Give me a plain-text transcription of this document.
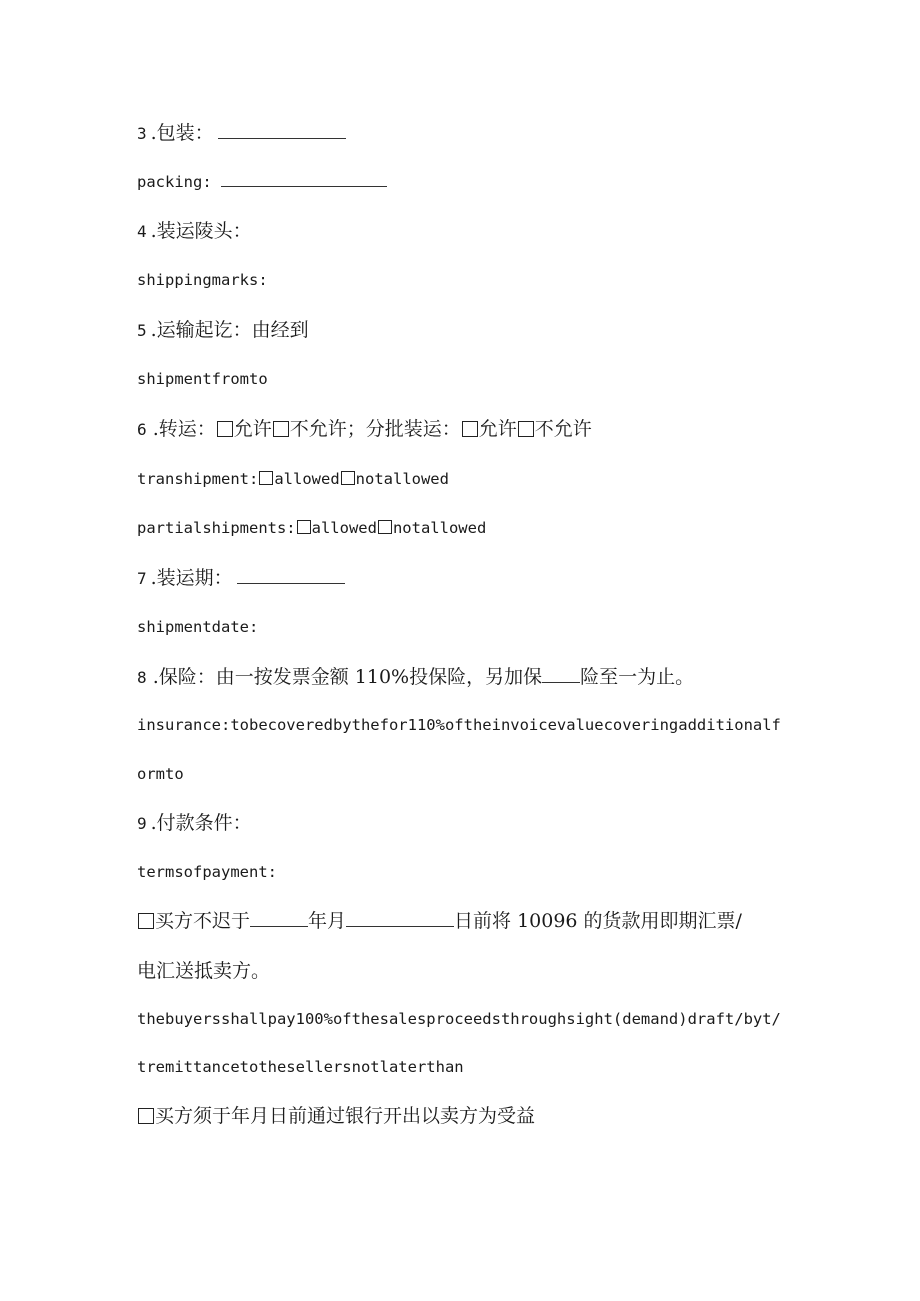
3 .包装：
packing:
4 .装运陵头：
shippingmarks:
5 .运输起讫：由经到
shipmentfromto
6 .转运： 允许 不允许；分批装运： 允许 不允许
transhipment: allowed notallowed
partialshipments: allowed notallowed
7 .装运期：
shipmentdate:
8 .保险：由一按发票金额 110%投保险，另加保 险至一为止。
insurance:tobecoveredbythefor110%oftheinvoicevaluecoveringadditionalf
ormto
9 .付款条件：
termsofpayment:
买方不迟于	年月	日前将 10096 的货款用即期汇票/
电汇送抵卖方。
thebuyersshallpay100%ofthesalesproceedsthroughsight(demand)draft/byt/
tremittancetothesellersnotlaterthan
买方须于年月日前通过银行开出以卖方为受益
